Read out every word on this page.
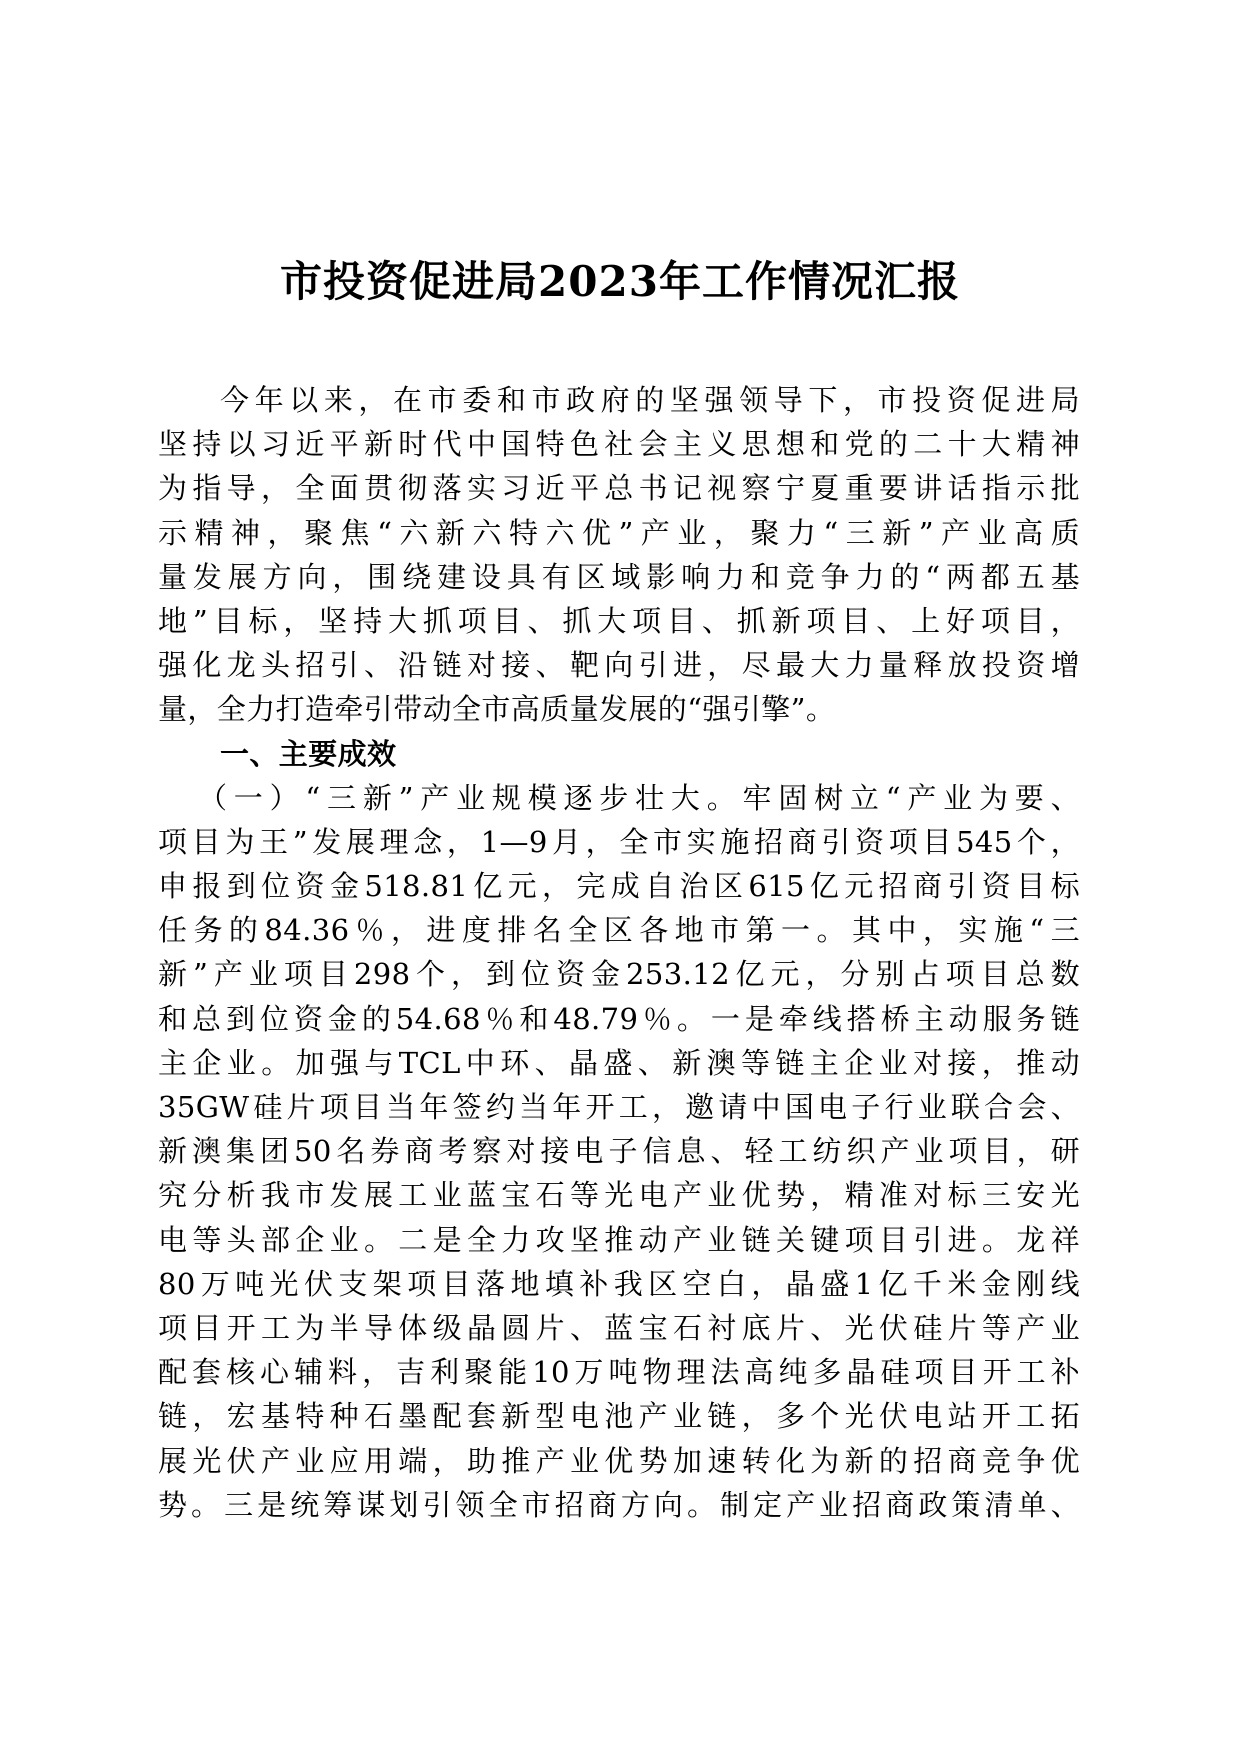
市投资促进局2023年工作情况汇报
今年以来，在市委和市政府的坚强领导下，市投资促进局
坚持以习近平新时代中国特色社会主义思想和党的二十大精神
为指导，全面贯彻落实习近平总书记视察宁夏重要讲话指示批
示精神，聚焦“六新六特六优”产业，聚力“三新”产业高质
量发展方向，围绕建设具有区域影响力和竞争力的“两都五基
地”目标，坚持大抓项目、抓大项目、抓新项目、上好项目，
强化龙头招引、沿链对接、靶向引进，尽最大力量释放投资增
量，全力打造牵引带动全市高质量发展的“强引擎”。
一、主要成效
（一）“三新”产业规模逐步壮大。牢固树立“产业为要、
项目为王”发展理念，1—9月，全市实施招商引资项目545个，
申报到位资金518.81亿元，完成自治区615亿元招商引资目标
任务的84.36％，进度排名全区各地市第一。其中，实施“三
新”产业项目298个，到位资金253.12亿元，分别占项目总数
和总到位资金的54.68％和48.79％。一是牵线搭桥主动服务链
主企业。加强与TCL中环、晶盛、新澳等链主企业对接，推动
35GW硅片项目当年签约当年开工，邀请中国电子行业联合会、
新澳集团50名券商考察对接电子信息、轻工纺织产业项目，研
究分析我市发展工业蓝宝石等光电产业优势，精准对标三安光
电等头部企业。二是全力攻坚推动产业链关键项目引进。龙祥
80万吨光伏支架项目落地填补我区空白，晶盛1亿千米金刚线
项目开工为半导体级晶圆片、蓝宝石衬底片、光伏硅片等产业
配套核心辅料，吉利聚能10万吨物理法高纯多晶硅项目开工补
链，宏基特种石墨配套新型电池产业链，多个光伏电站开工拓
展光伏产业应用端，助推产业优势加速转化为新的招商竞争优
势。三是统筹谋划引领全市招商方向。制定产业招商政策清单、
